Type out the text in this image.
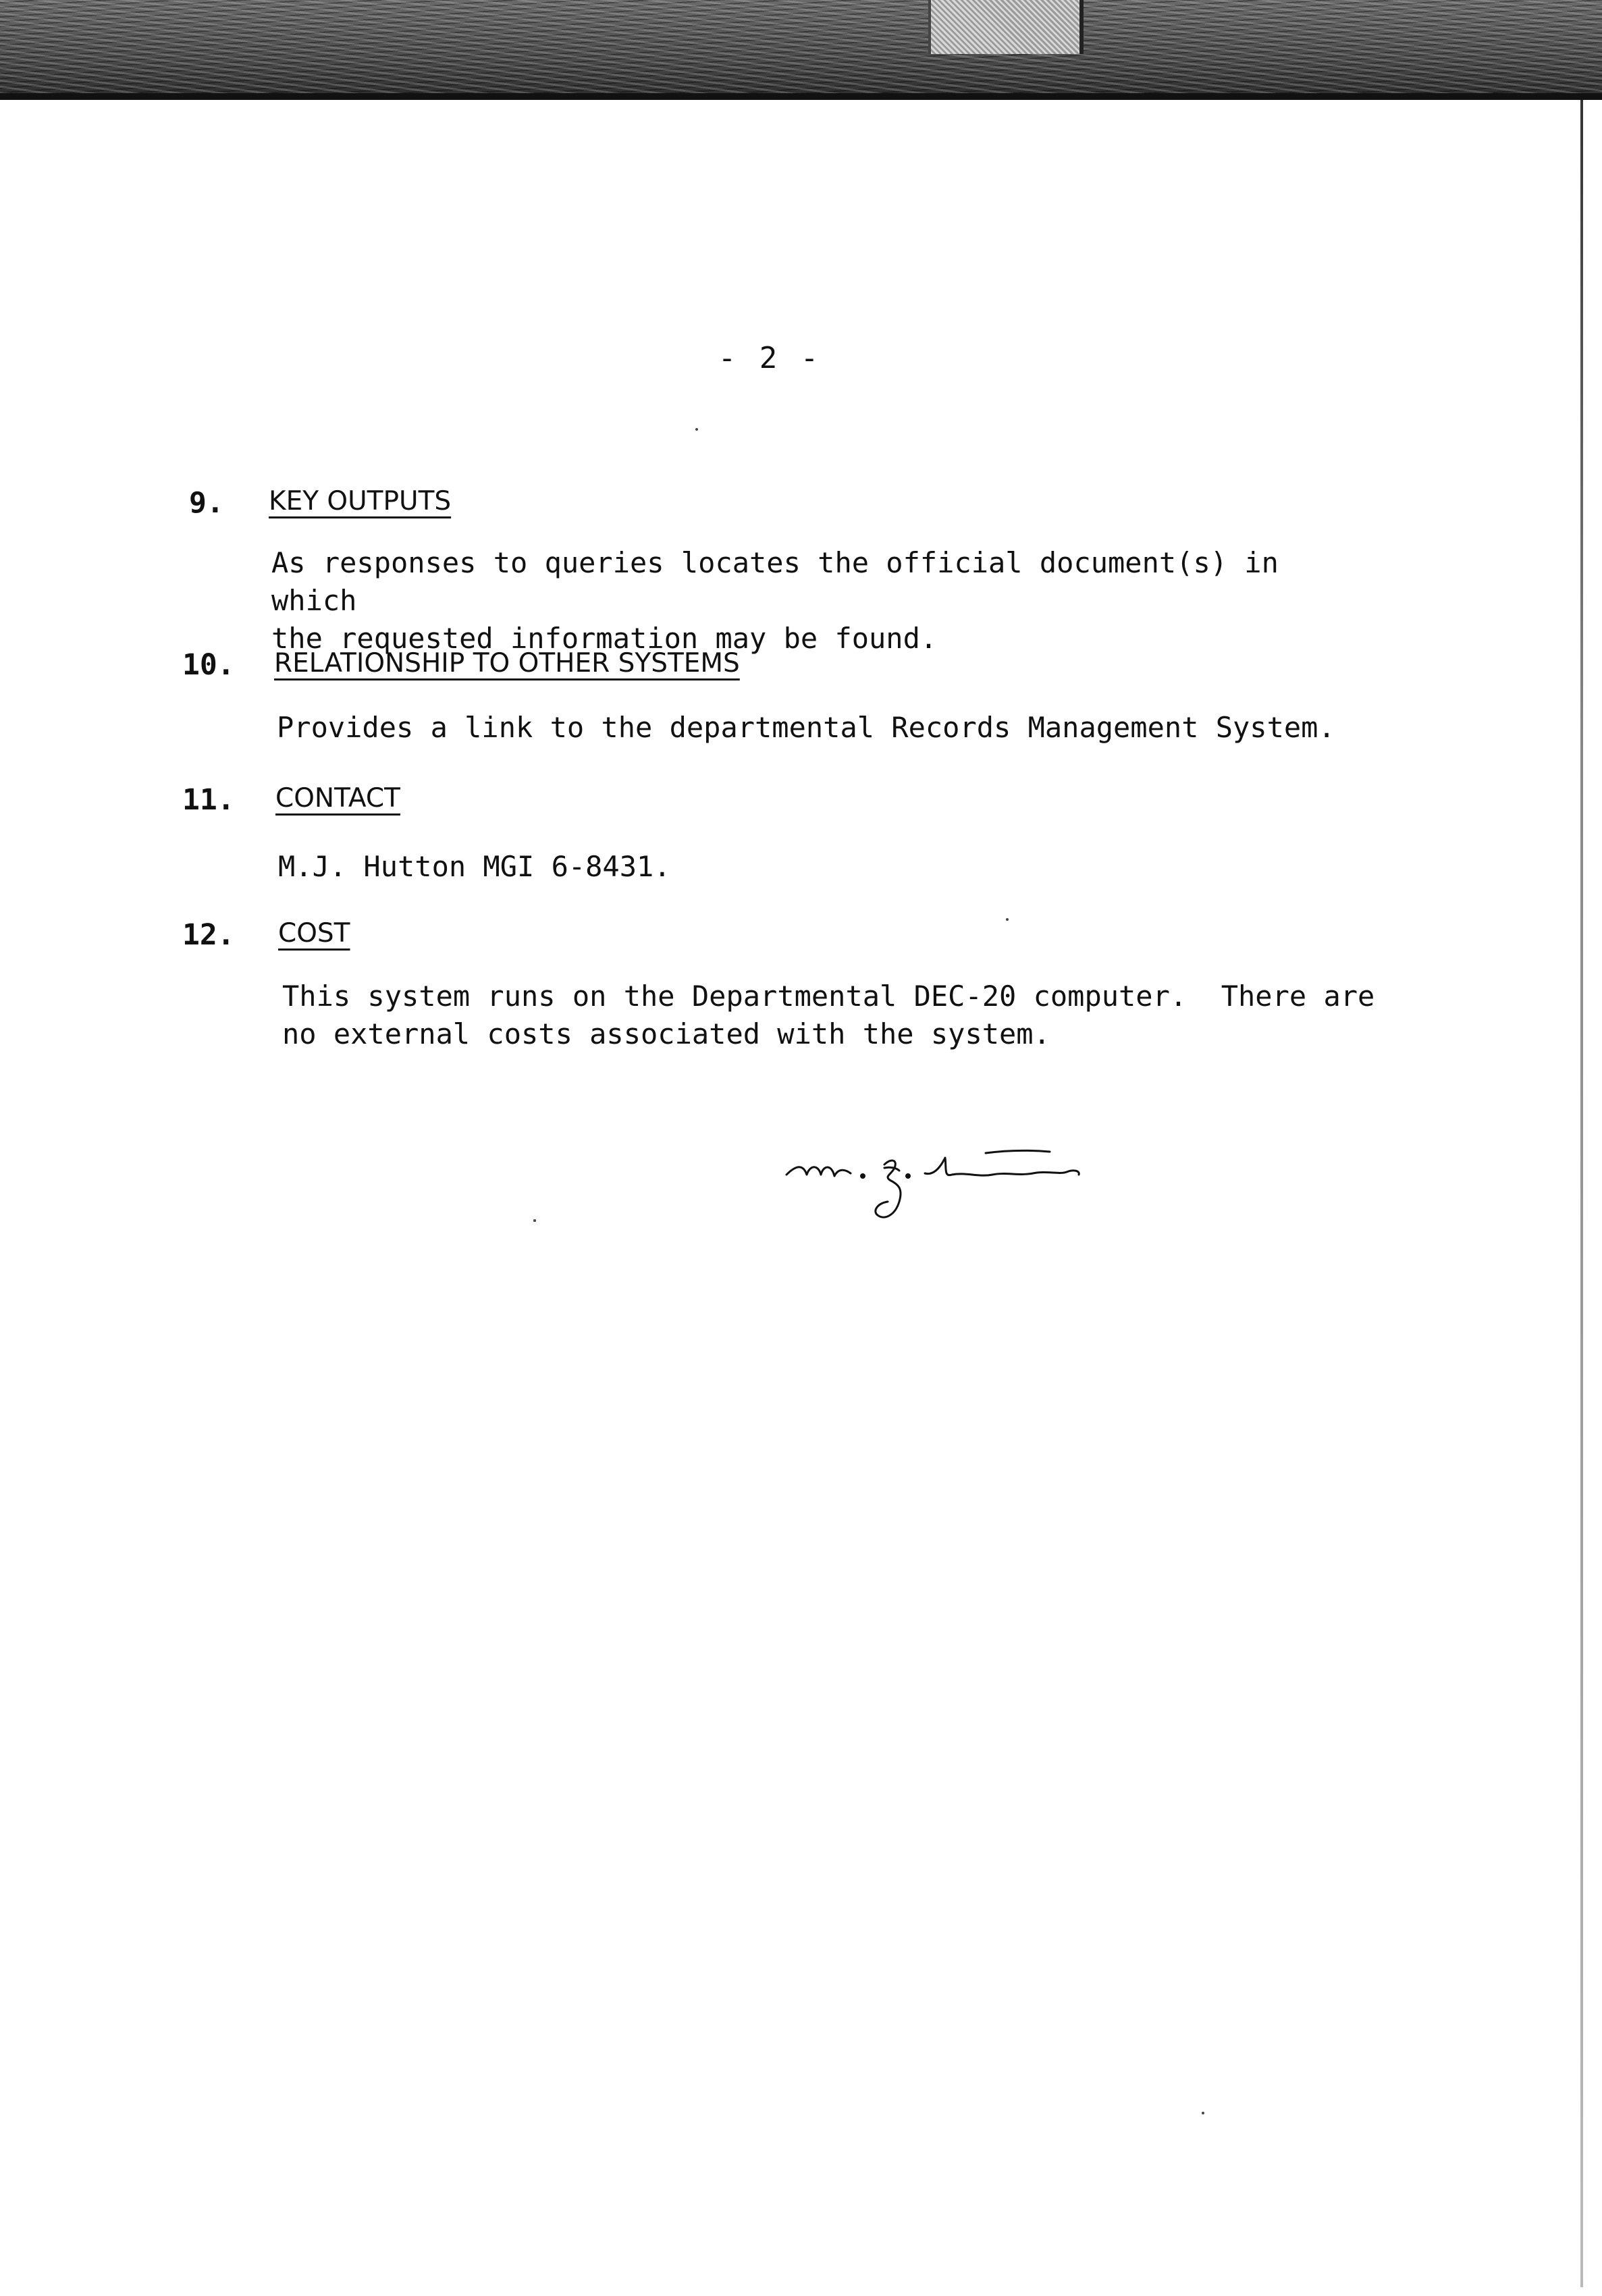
- 2 -
9. KEY OUTPUTS
As responses to queries locates the official document(s) in which
the requested information may be found.
10. RELATIONSHIP TO OTHER SYSTEMS
Provides a link to the departmental Records Management System.
11. CONTACT
M.J. Hutton MGI 6-8431.
12. COST
This system runs on the Departmental DEC-20 computer.  There are
no external costs associated with the system.
